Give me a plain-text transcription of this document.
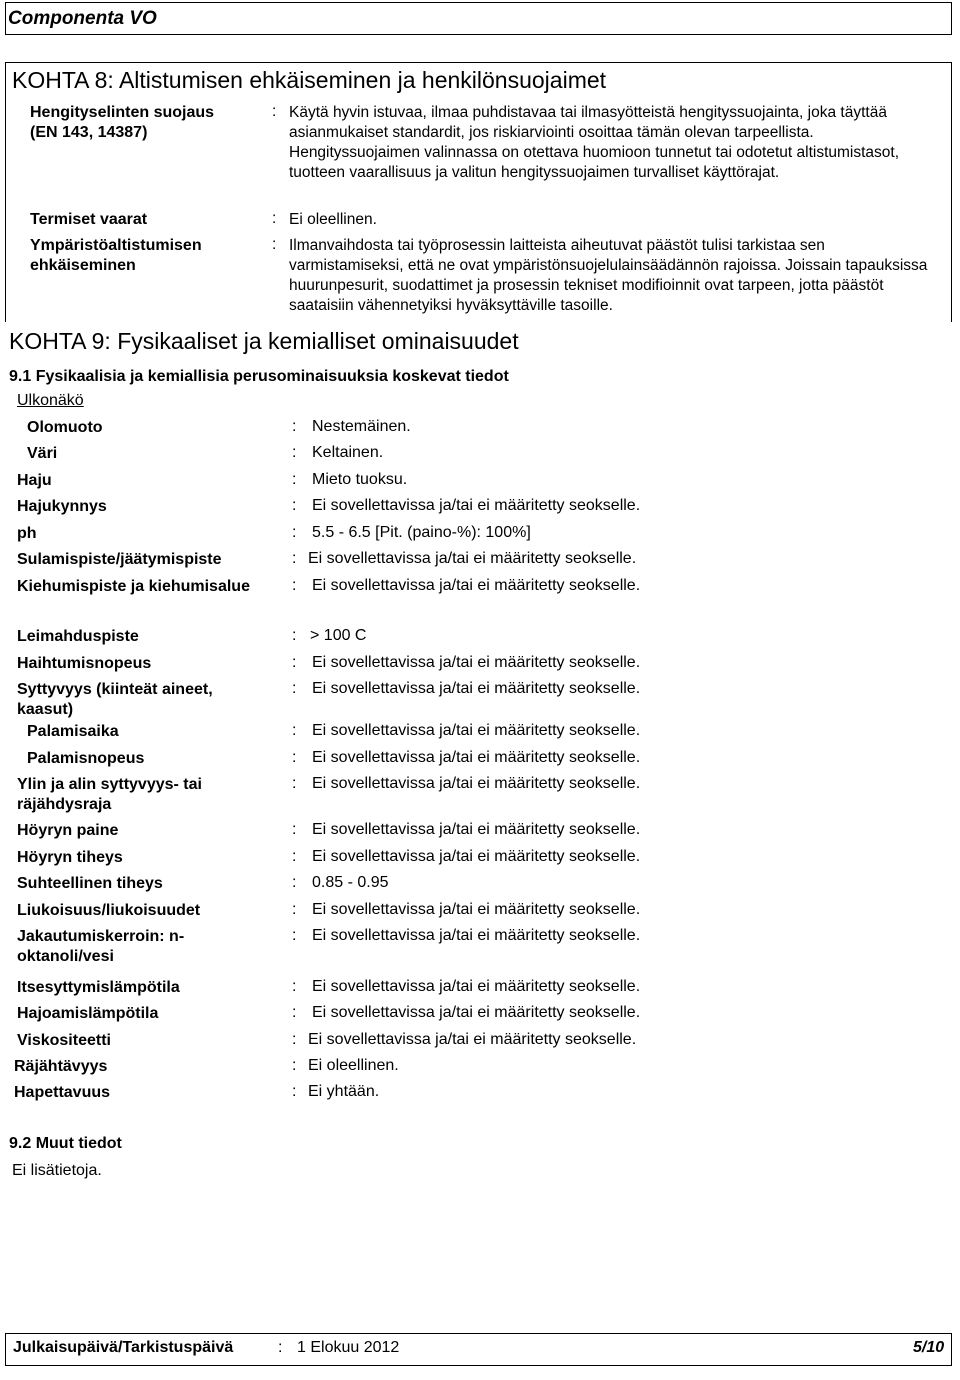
Componenta VO
KOHTA 8: Altistumisen ehkäiseminen ja henkilönsuojaimet
Hengityselinten suojaus
(EN 143, 14387)
: Käytä hyvin istuvaa, ilmaa puhdistavaa tai ilmasyötteistä hengityssuojainta, joka täyttää asianmukaiset standardit, jos riskiarviointi osoittaa tämän olevan tarpeellista. Hengityssuojaimen valinnassa on otettava huomioon tunnetut tai odotetut altistumistasot, tuotteen vaarallisuus ja valitun hengityssuojaimen turvalliset käyttörajat.
Termiset vaarat	: Ei oleellinen.
Ympäristöaltistumisen
ehkäiseminen
: Ilmanvaihdosta tai työprosessin laitteista aiheutuvat päästöt tulisi tarkistaa sen varmistamiseksi, että ne ovat ympäristönsuojelulainsäädännön rajoissa. Joissain tapauksissa huurunpesurit, suodattimet ja prosessin tekniset modifioinnit ovat tarpeen, jotta päästöt saataisiin vähennetyiksi hyväksyttäville tasoille.
KOHTA 9: Fysikaaliset ja kemialliset ominaisuudet
9.1 Fysikaalisia ja kemiallisia perusominaisuuksia koskevat tiedot
Ulkonäkö
Olomuoto	: Nestemäinen.
Väri	: Keltainen.
Haju	: Mieto tuoksu.
Hajukynnys	: Ei sovellettavissa ja/tai ei määritetty seokselle.
ph	: 5.5 - 6.5 [Pit. (paino-%): 100%]
Sulamispiste/jäätymispiste	: Ei sovellettavissa ja/tai ei määritetty seokselle.
Kiehumispiste ja kiehumisalue	: Ei sovellettavissa ja/tai ei määritetty seokselle.
Leimahduspiste	: > 100 C
Haihtumisnopeus	: Ei sovellettavissa ja/tai ei määritetty seokselle.
Syttyvyys (kiinteät aineet, kaasut)
: Ei sovellettavissa ja/tai ei määritetty seokselle.
Palamisaika	: Ei sovellettavissa ja/tai ei määritetty seokselle.
Palamisnopeus	: Ei sovellettavissa ja/tai ei määritetty seokselle.
Ylin ja alin syttyvyys- tai räjähdysraja
: Ei sovellettavissa ja/tai ei määritetty seokselle.
Höyryn paine	: Ei sovellettavissa ja/tai ei määritetty seokselle.
Höyryn tiheys	: Ei sovellettavissa ja/tai ei määritetty seokselle.
Suhteellinen tiheys	: 0.85 - 0.95
Liukoisuus/liukoisuudet	: Ei sovellettavissa ja/tai ei määritetty seokselle.
Jakautumiskerroin: n-oktanoli/vesi
: Ei sovellettavissa ja/tai ei määritetty seokselle.
Itsesyttymislämpötila	: Ei sovellettavissa ja/tai ei määritetty seokselle.
Hajoamislämpötila	: Ei sovellettavissa ja/tai ei määritetty seokselle.
Viskositeetti	: Ei sovellettavissa ja/tai ei määritetty seokselle.
Räjähtävyys	: Ei oleellinen.
Hapettavuus	: Ei yhtään.
9.2 Muut tiedot
Ei lisätietoja.
Julkaisupäivä/Tarkistuspäivä	: 1 Elokuu 2012	5/10
